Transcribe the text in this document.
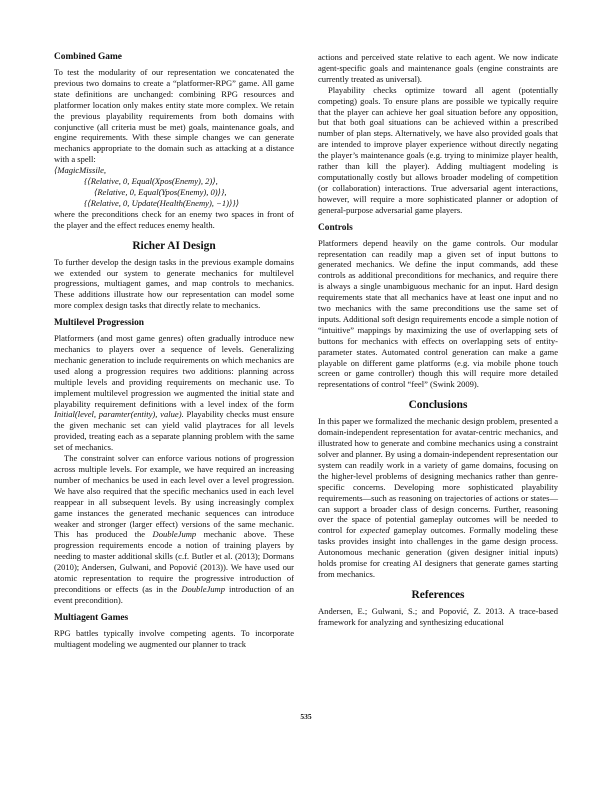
Combined Game

To test the modularity of our representation we concatenated the previous two domains to create a “platformer-RPG” game. All game state definitions are unchanged: combining RPG resources and platformer location only makes entity state more complex. We retain the previous playability requirements from both domains with conjunctive (all criteria must be met) goals, maintenance goals, and engine requirements. With these simple changes we can generate mechanics appropriate to the domain such as attacking at a distance with a spell:

⟨MagicMissile,
{⟨Relative, 0, Equal(Xpos(Enemy), 2)⟩,
⟨Relative, 0, Equal(Ypos(Enemy), 0)⟩},
{⟨Relative, 0, Update(Health(Enemy), −1)⟩}⟩

where the preconditions check for an enemy two spaces in front of the player and the effect reduces enemy health.

Richer AI Design

To further develop the design tasks in the previous example domains we extended our system to generate mechanics for multilevel progressions, multiagent games, and map controls to mechanics. These additions illustrate how our representation can model some more complex design tasks that directly relate to mechanics.

Multilevel Progression

Platformers (and most game genres) often gradually introduce new mechanics to players over a sequence of levels. Generalizing mechanic generation to include requirements on which mechanics are used along a progression requires two additions: planning across multiple levels and providing requirements on mechanic use. To implement multilevel progression we augmented the initial state and playability requirement definitions with a level index of the form Initial(level, paramter(entity), value). Playability checks must ensure the given mechanic set can yield valid playtraces for all levels provided, treating each as a separate planning problem with the same set of mechanics.

The constraint solver can enforce various notions of progression across multiple levels. For example, we have required an increasing number of mechanics be used in each level over a level progression. We have also required that the specific mechanics used in each level reappear in all subsequent levels. By using increasingly complex game instances the generated mechanic sequences can introduce weaker and stronger (larger effect) versions of the same mechanic. This has produced the DoubleJump mechanic above. These progression requirements encode a notion of training players by needing to master additional skills (c.f. Butler et al. (2013); Dormans (2010); Andersen, Gulwani, and Popović (2013)). We have used our atomic representation to require the progressive introduction of preconditions or effects (as in the DoubleJump introduction of an event precondition).

Multiagent Games

RPG battles typically involve competing agents. To incorporate multiagent modeling we augmented our planner to track

actions and perceived state relative to each agent. We now indicate agent-specific goals and maintenance goals (engine constraints are currently treated as universal).

Playability checks optimize toward all agent (potentially competing) goals. To ensure plans are possible we typically require that the player can achieve her goal situation before any opposition, but that both goal situations can be achieved within a prescribed number of plan steps. Alternatively, we have also provided goals that are intended to improve player experience without directly negating the player’s maintenance goals (e.g. trying to minimize player health, rather than kill the player). Adding multiagent modeling is computationally costly but allows broader modeling of competition (or collaboration) interactions. True adversarial agent interactions, however, will require a more sophisticated planner or adoption of general-purpose adversarial game players.

Controls

Platformers depend heavily on the game controls. Our modular representation can readily map a given set of input buttons to generated mechanics. We define the input commands, add these controls as additional preconditions for mechanics, and require there is always a single unambiguous mechanic for an input. Hard design requirements state that all mechanics have at least one input and no two mechanics with the same preconditions use the same set of inputs. Additional soft design requirements encode a simple notion of “intuitive” mappings by maximizing the use of overlapping sets of buttons for mechanics with effects on overlapping sets of entity-parameter states. Automated control generation can make a game playable on different game platforms (e.g. via mobile phone touch screen or game controller) though this will require more detailed representations of control “feel” (Swink 2009).

Conclusions

In this paper we formalized the mechanic design problem, presented a domain-independent representation for avatar-centric mechanics, and illustrated how to generate and combine mechanics using a constraint solver and planner. By using a domain-independent representation our system can readily work in a variety of game domains, focusing on the higher-level problems of designing mechanics rather than genre-specific concerns. Developing more sophisticated playability requirements—such as reasoning on trajectories of actions or states—can support a broader class of design concerns. Further, reasoning over the space of potential gameplay outcomes will be needed to control for expected gameplay outcomes. Formally modeling these tasks provides insight into challenges in the game design process. Autonomous mechanic generation (given designer initial inputs) holds promise for creating AI designers that generate games starting from mechanics.

References

Andersen, E.; Gulwani, S.; and Popović, Z. 2013. A trace-based framework for analyzing and synthesizing educational

535
